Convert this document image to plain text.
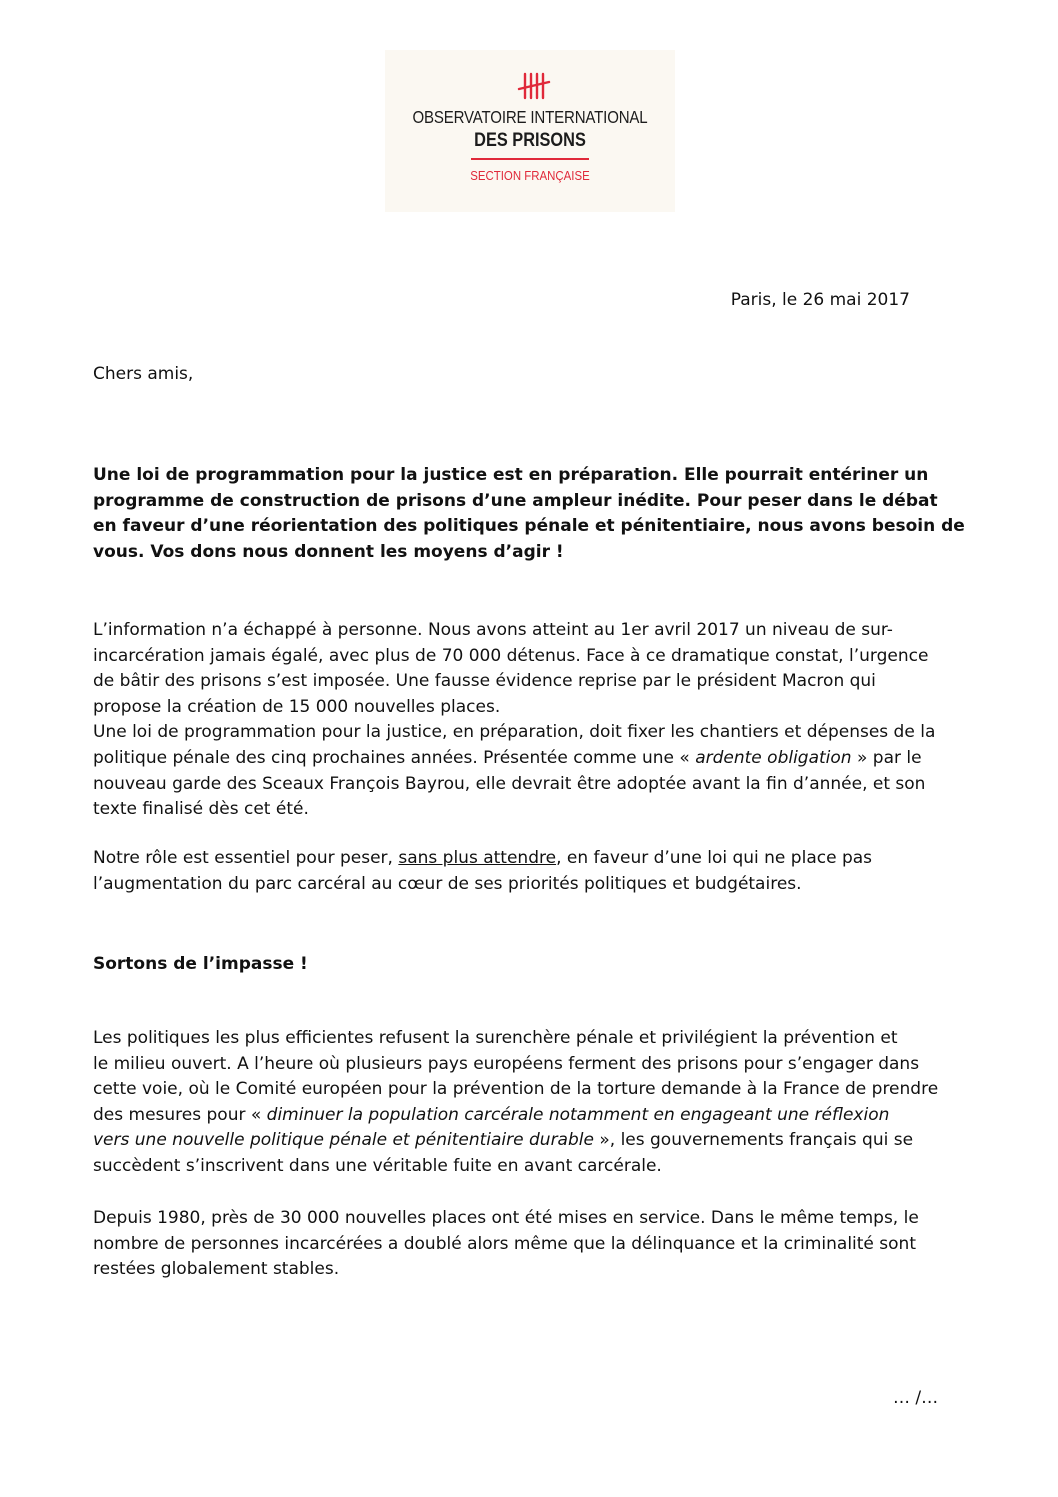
OBSERVATOIRE INTERNATIONAL
DES PRISONS
SECTION FRANÇAISE
Paris, le 26 mai 2017
Chers amis,
Une loi de programmation pour la justice est en préparation. Elle pourrait entériner un
programme de construction de prisons d’une ampleur inédite. Pour peser dans le débat
en faveur d’une réorientation des politiques pénale et pénitentiaire, nous avons besoin de
vous. Vos dons nous donnent les moyens d’agir !
L’information n’a échappé à personne. Nous avons atteint au 1er avril 2017 un niveau de sur-
incarcération jamais égalé, avec plus de 70 000 détenus. Face à ce dramatique constat, l’urgence
de bâtir des prisons s’est imposée. Une fausse évidence reprise par le président Macron qui
propose la création de 15 000 nouvelles places.
Une loi de programmation pour la justice, en préparation, doit fixer les chantiers et dépenses de la
politique pénale des cinq prochaines années. Présentée comme une « ardente obligation » par le
nouveau garde des Sceaux François Bayrou, elle devrait être adoptée avant la fin d’année, et son
texte finalisé dès cet été.
Notre rôle est essentiel pour peser, sans plus attendre, en faveur d’une loi qui ne place pas
l’augmentation du parc carcéral au cœur de ses priorités politiques et budgétaires.
Sortons de l’impasse !
Les politiques les plus efficientes refusent la surenchère pénale et privilégient la prévention et
le milieu ouvert. A l’heure où plusieurs pays européens ferment des prisons pour s’engager dans
cette voie, où le Comité européen pour la prévention de la torture demande à la France de prendre
des mesures pour « diminuer la population carcérale notamment en engageant une réflexion
vers une nouvelle politique pénale et pénitentiaire durable », les gouvernements français qui se
succèdent s’inscrivent dans une véritable fuite en avant carcérale.
Depuis 1980, près de 30 000 nouvelles places ont été mises en service. Dans le même temps, le
nombre de personnes incarcérées a doublé alors même que la délinquance et la criminalité sont
restées globalement stables.
… /…
